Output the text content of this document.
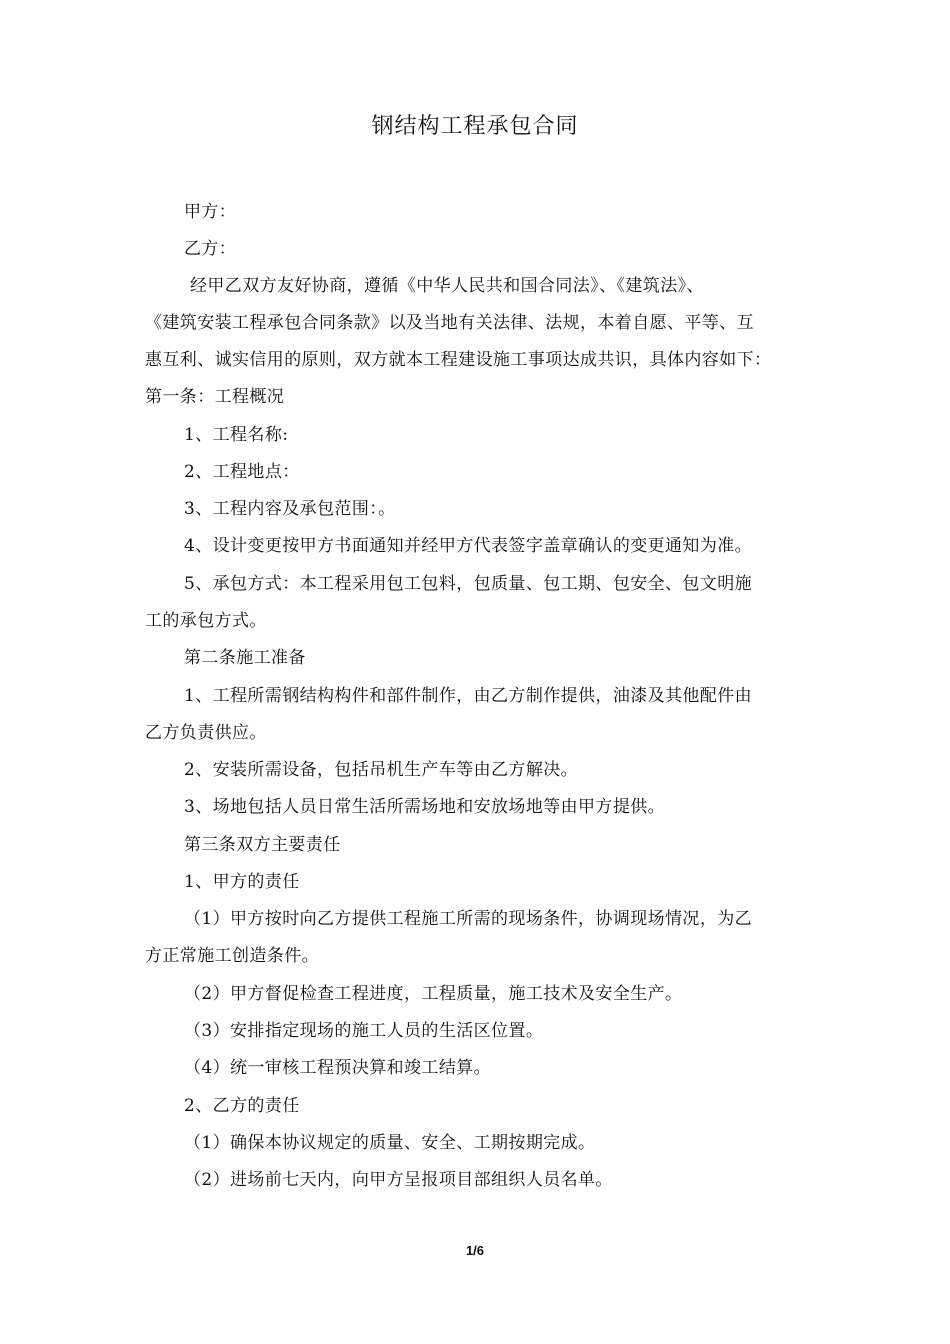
钢结构工程承包合同
甲方：
乙方：
经甲乙双方友好协商，遵循《中华人民共和国合同法》、《建筑法》、
《建筑安装工程承包合同条款》以及当地有关法律、法规，本着自愿、平等、互
惠互利、诚实信用的原则，双方就本工程建设施工事项达成共识，具体内容如下：
第一条：工程概况
1、工程名称:
2、工程地点：
3、工程内容及承包范围：。
4、设计变更按甲方书面通知并经甲方代表签字盖章确认的变更通知为准。
5、承包方式：本工程采用包工包料，包质量、包工期、包安全、包文明施
工的承包方式。
第二条施工准备
1、工程所需钢结构构件和部件制作，由乙方制作提供，油漆及其他配件由
乙方负责供应。
2、安装所需设备，包括吊机生产车等由乙方解决。
3、场地包括人员日常生活所需场地和安放场地等由甲方提供。
第三条双方主要责任
1、甲方的责任
（1）甲方按时向乙方提供工程施工所需的现场条件，协调现场情况，为乙
方正常施工创造条件。
（2）甲方督促检查工程进度，工程质量，施工技术及安全生产。
（3）安排指定现场的施工人员的生活区位置。
（4）统一审核工程预决算和竣工结算。
2、乙方的责任
（1）确保本协议规定的质量、安全、工期按期完成。
（2）进场前七天内，向甲方呈报项目部组织人员名单。
1/6
